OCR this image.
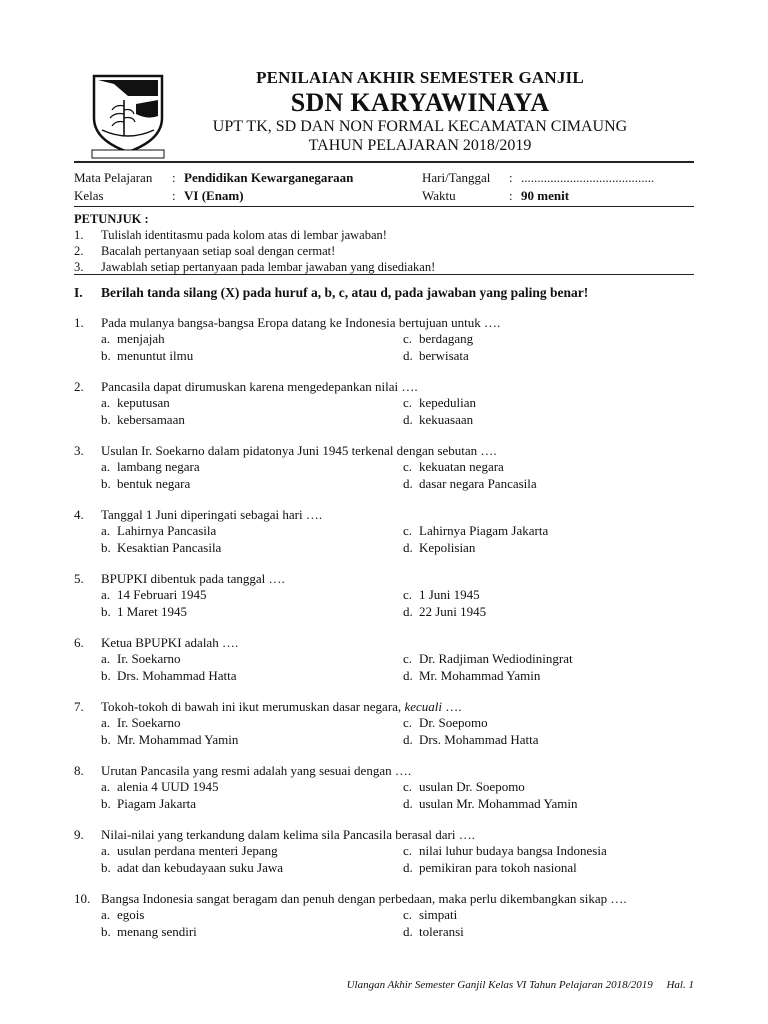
PENILAIAN AKHIR SEMESTER GANJIL
SDN KARYAWINAYA
UPT TK, SD DAN NON FORMAL KECAMATAN CIMAUNG
TAHUN PELAJARAN 2018/2019
Mata Pelajaran	: Pendidikan Kewarganegaraan	Hari/Tanggal	: .........................................
Kelas	: VI (Enam)	Waktu	: 90 menit
PETUNJUK :
1.	Tulislah identitasmu pada kolom atas di lembar jawaban!
2.	Bacalah pertanyaan setiap soal dengan cermat!
3.	Jawablah setiap pertanyaan pada lembar jawaban yang disediakan!
I.	Berilah tanda silang (X) pada huruf a, b, c, atau d, pada jawaban yang paling benar!
1.	Pada mulanya bangsa-bangsa Eropa datang ke Indonesia bertujuan untuk ….
a. menjajah	c. berdagang
b. menuntut ilmu	d. berwisata
2.	Pancasila dapat dirumuskan karena mengedepankan nilai ….
a. keputusan	c. kepedulian
b. kebersamaan	d. kekuasaan
3.	Usulan Ir. Soekarno dalam pidatonya Juni 1945 terkenal dengan sebutan ….
a. lambang negara	c. kekuatan negara
b. bentuk negara	d. dasar negara Pancasila
4.	Tanggal 1 Juni diperingati sebagai hari ….
a. Lahirnya Pancasila	c. Lahirnya Piagam Jakarta
b. Kesaktian Pancasila	d. Kepolisian
5.	BPUPKI dibentuk pada tanggal ….
a. 14 Februari 1945	c. 1 Juni 1945
b. 1 Maret 1945	d. 22 Juni 1945
6.	Ketua BPUPKI adalah ….
a. Ir. Soekarno	c. Dr. Radjiman Wediodiningrat
b. Drs. Mohammad Hatta	d. Mr. Mohammad Yamin
7.	Tokoh-tokoh di bawah ini ikut merumuskan dasar negara, kecuali ….
a. Ir. Soekarno	c. Dr. Soepomo
b. Mr. Mohammad Yamin	d. Drs. Mohammad Hatta
8.	Urutan Pancasila yang resmi adalah yang sesuai dengan ….
a. alenia 4 UUD 1945	c. usulan Dr. Soepomo
b. Piagam Jakarta	d. usulan Mr. Mohammad Yamin
9.	Nilai-nilai yang terkandung dalam kelima sila Pancasila berasal dari ….
a. usulan perdana menteri Jepang	c. nilai luhur budaya bangsa Indonesia
b. adat dan kebudayaan suku Jawa	d. pemikiran para tokoh nasional
10. Bangsa Indonesia sangat beragam dan penuh dengan perbedaan, maka perlu dikembangkan sikap ….
a. egois	c. simpati
b. menang sendiri	d. toleransi
Ulangan Akhir Semester Ganjil Kelas VI Tahun Pelajaran 2018/2019     Hal. 1
